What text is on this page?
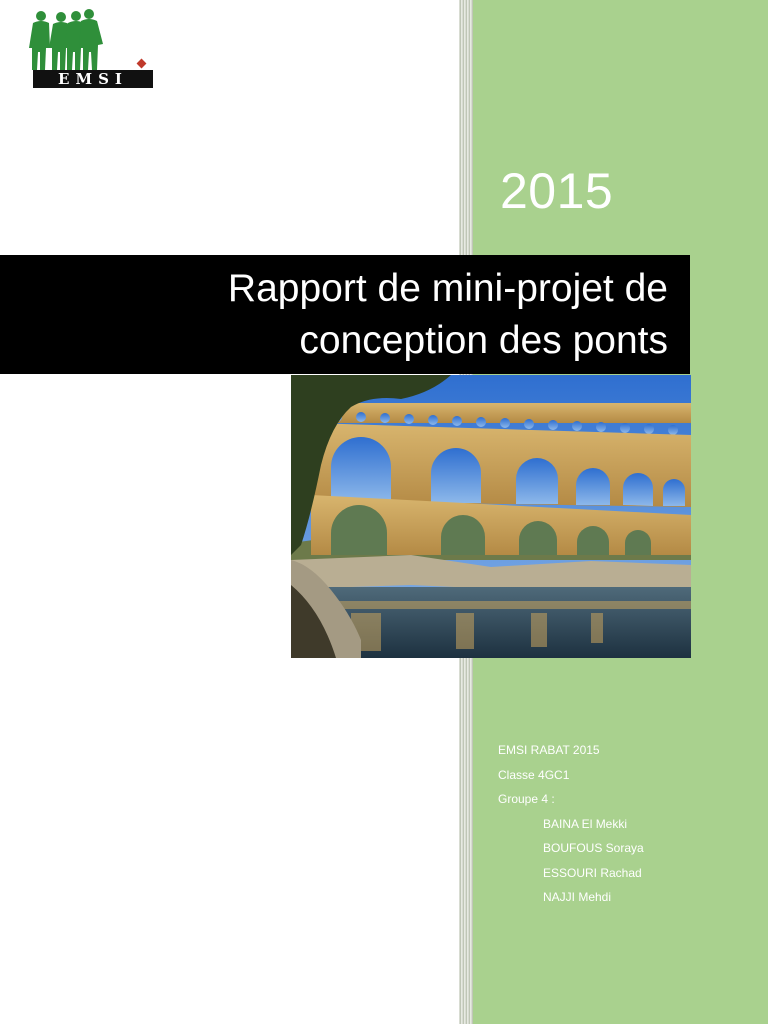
EMSI
2015
Rapport de mini-projet de
conception des ponts
EMSI RABAT 2015
Classe 4GC1
Groupe 4 :
BAINA El Mekki
BOUFOUS Soraya
ESSOURI Rachad
NAJJI Mehdi
